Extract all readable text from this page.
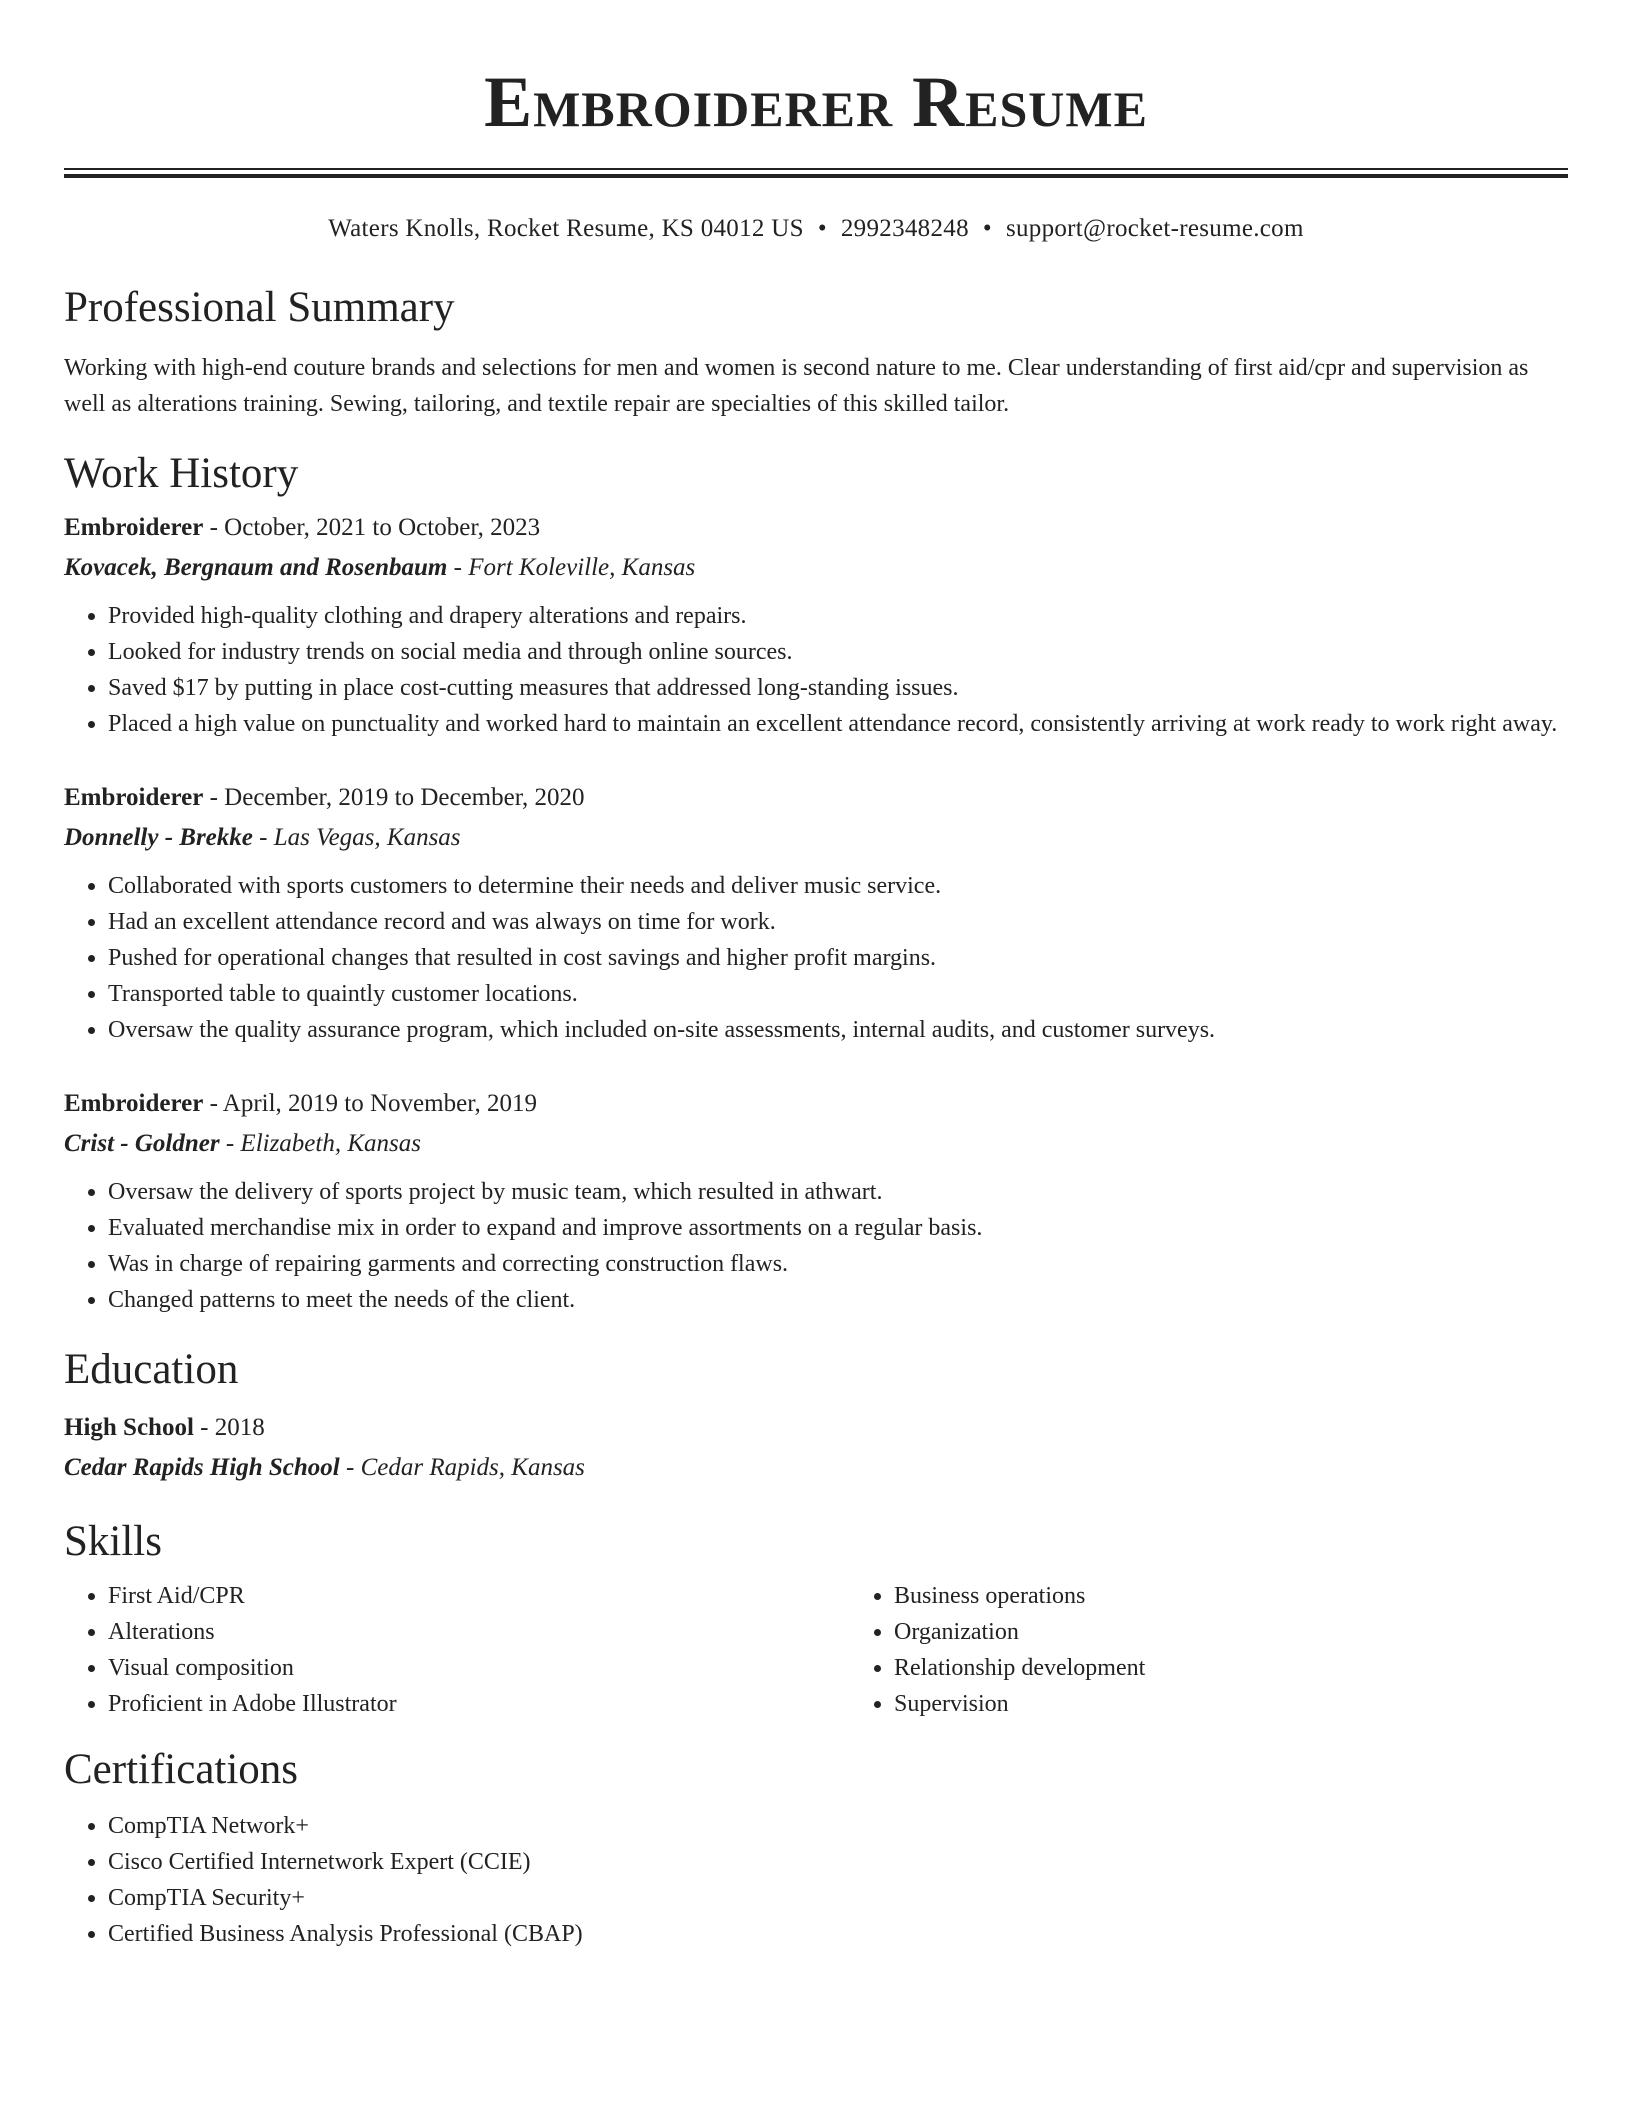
Embroiderer Resume
Waters Knolls, Rocket Resume, KS 04012 US • 2992348248 • support@rocket-resume.com
Professional Summary

Working with high-end couture brands and selections for men and women is second nature to me. Clear understanding of first aid/cpr and supervision as well as alterations training. Sewing, tailoring, and textile repair are specialties of this skilled tailor.

Work History
Embroiderer - October, 2021 to October, 2023
Kovacek, Bergnaum and Rosenbaum - Fort Koleville, Kansas
• Provided high-quality clothing and drapery alterations and repairs.
• Looked for industry trends on social media and through online sources.
• Saved $17 by putting in place cost-cutting measures that addressed long-standing issues.
• Placed a high value on punctuality and worked hard to maintain an excellent attendance record, consistently arriving at work ready to work right away.
Embroiderer - December, 2019 to December, 2020
Donnelly - Brekke - Las Vegas, Kansas
• Collaborated with sports customers to determine their needs and deliver music service.
• Had an excellent attendance record and was always on time for work.
• Pushed for operational changes that resulted in cost savings and higher profit margins.
• Transported table to quaintly customer locations.
• Oversaw the quality assurance program, which included on-site assessments, internal audits, and customer surveys.
Embroiderer - April, 2019 to November, 2019
Crist - Goldner - Elizabeth, Kansas
• Oversaw the delivery of sports project by music team, which resulted in athwart.
• Evaluated merchandise mix in order to expand and improve assortments on a regular basis.
• Was in charge of repairing garments and correcting construction flaws.
• Changed patterns to meet the needs of the client.
Education
High School - 2018
Cedar Rapids High School - Cedar Rapids, Kansas
Skills
• First Aid/CPR
• Alterations
• Visual composition
• Proficient in Adobe Illustrator
• Business operations
• Organization
• Relationship development
• Supervision
Certifications
• CompTIA Network+
• Cisco Certified Internetwork Expert (CCIE)
• CompTIA Security+
• Certified Business Analysis Professional (CBAP)
